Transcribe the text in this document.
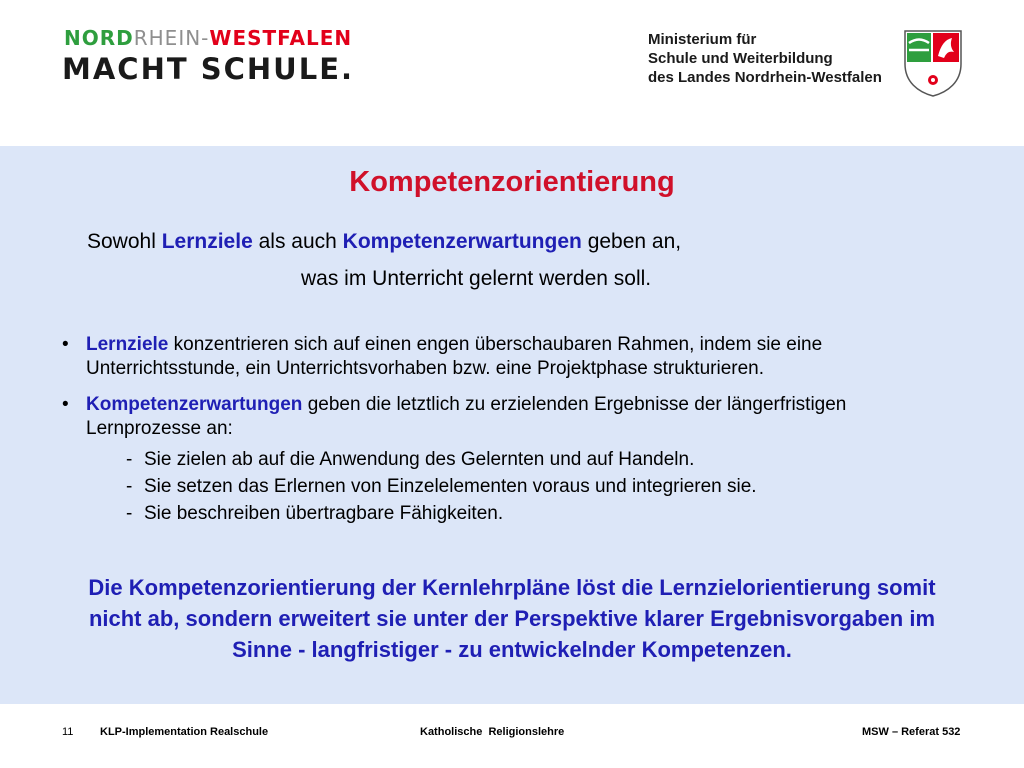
NORDRHEIN-WESTFALEN
MACHT SCHULE.
Ministerium für
Schule und Weiterbildung
des Landes Nordrhein-Westfalen
Kompetenzorientierung
Sowohl Lernziele als auch Kompetenzerwartungen geben an,
was im Unterricht gelernt werden soll.
• Lernziele konzentrieren sich auf einen engen überschaubaren Rahmen, indem sie eine Unterrichtsstunde, ein Unterrichtsvorhaben bzw. eine Projektphase strukturieren.
• Kompetenzerwartungen geben die letztlich zu erzielenden Ergebnisse der längerfristigen Lernprozesse an:
- Sie zielen ab auf die Anwendung des Gelernten und auf Handeln.
- Sie setzen das Erlernen von Einzelelementen voraus und integrieren sie.
- Sie beschreiben übertragbare Fähigkeiten.
Die Kompetenzorientierung der Kernlehrpläne löst die Lernzielorientierung somit nicht ab, sondern erweitert sie unter der Perspektive klarer Ergebnisvorgaben im Sinne - langfristiger - zu entwickelnder Kompetenzen.
11 KLP-Implementation Realschule	Katholische  Religionslehre	MSW – Referat 532
